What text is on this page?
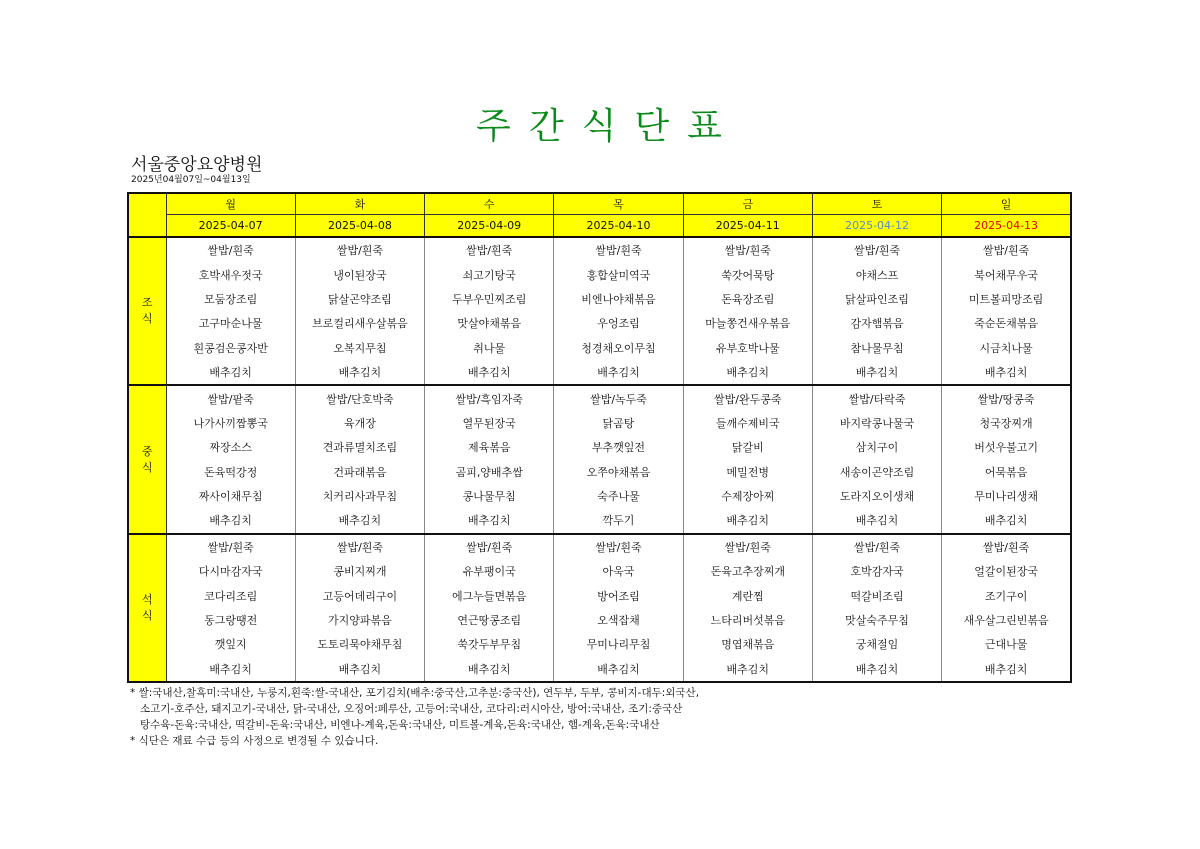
주 간 식 단 표
서울중앙요양병원
2025년04월07일~04월13일
	월	화	수	목	금	토	일
	2025-04-07	2025-04-08	2025-04-09	2025-04-10	2025-04-11	2025-04-12	2025-04-13

조
식	쌀밥/흰죽	쌀밥/흰죽	쌀밥/흰죽	쌀밥/흰죽	쌀밥/흰죽	쌀밥/흰죽	쌀밥/흰죽
	호박새우젓국	냉이된장국	쇠고기탕국	홍합살미역국	쑥갓어묵탕	야채스프	북어채무우국
	모둠장조림	닭살곤약조림	두부우민찌조림	비엔나야채볶음	돈육장조림	닭살파인조림	미트볼피망조림
	고구마순나물	브로컬리새우살볶음	맛살야채볶음	우엉조림	마늘쫑건새우볶음	감자햄볶음	죽순돈채볶음
	흰콩검은콩자반	오복지무침	취나물	청경채오이무침	유부호박나물	참나물무침	시금치나물
	배추김치	배추김치	배추김치	배추김치	배추김치	배추김치	배추김치

중
식	쌀밥/팥죽	쌀밥/단호박죽	쌀밥/흑임자죽	쌀밥/녹두죽	쌀밥/완두콩죽	쌀밥/타락죽	쌀밥/땅콩죽
	나가사끼짬뽕국	육개장	열무된장국	닭곰탕	들깨수제비국	바지락콩나물국	청국장찌개
	짜장소스	견과류멸치조림	제육볶음	부추깻잎전	닭갈비	삼치구이	버섯우불고기
	돈육떡강정	건파래볶음	곰피,양배추쌈	오쭈야채볶음	메밀전병	새송이곤약조림	어묵볶음
	짜사이채무침	치커리사과무침	콩나물무침	숙주나물	수제장아찌	도라지오이생채	무미나리생채
	배추김치	배추김치	배추김치	깍두기	배추김치	배추김치	배추김치

석
식	쌀밥/흰죽	쌀밥/흰죽	쌀밥/흰죽	쌀밥/흰죽	쌀밥/흰죽	쌀밥/흰죽	쌀밥/흰죽
	다시마감자국	콩비지찌개	유부팽이국	아욱국	돈육고추장찌개	호박감자국	얼갈이된장국
	코다리조림	고등어데리구이	에그누들면볶음	방어조림	계란찜	떡갈비조림	조기구이
	동그랑땡전	가지양파볶음	연근땅콩조림	오색잡채	느타리버섯볶음	맛살숙주무침	새우살그린빈볶음
	깻잎지	도토리묵야채무침	쑥갓두부무침	무미나리무침	명엽채볶음	궁채절임	근대나물
	배추김치	배추김치	배추김치	배추김치	배추김치	배추김치	배추김치
* 쌀:국내산,찰흑미:국내산, 누룽지,흰죽:쌀-국내산, 포기김치(배추:중국산,고추분:중국산), 연두부, 두부, 콩비지-대두:외국산,
소고기-호주산, 돼지고기-국내산, 닭-국내산, 오징어:페루산, 고등어:국내산, 코다리:러시아산, 방어:국내산, 조기:중국산
탕수육-돈육:국내산, 떡갈비-돈육:국내산, 비엔나-계육,돈육:국내산, 미트볼-계육,돈육:국내산, 햄-계육,돈육:국내산
* 식단은 재료 수급 등의 사정으로 변경될 수 있습니다.
